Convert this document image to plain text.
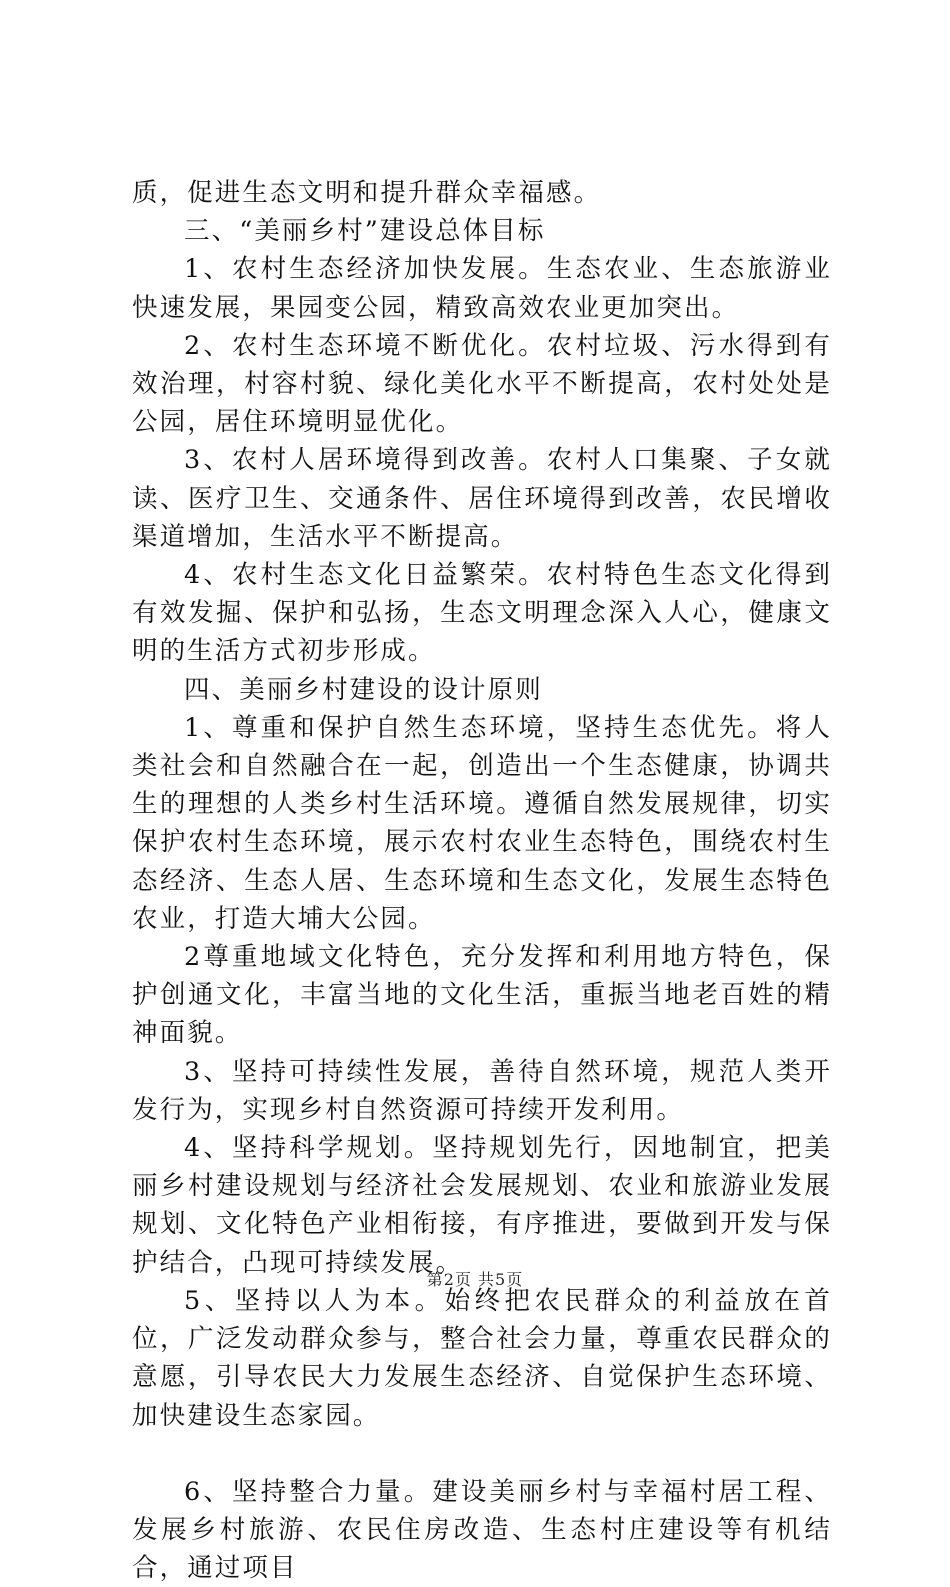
质，促进生态文明和提升群众幸福感。

三、“美丽乡村”建设总体目标

1、农村生态经济加快发展。生态农业、生态旅游业快速发展，果园变公园，精致高效农业更加突出。

2、农村生态环境不断优化。农村垃圾、污水得到有效治理，村容村貌、绿化美化水平不断提高，农村处处是公园，居住环境明显优化。

3、农村人居环境得到改善。农村人口集聚、子女就读、医疗卫生、交通条件、居住环境得到改善，农民增收渠道增加，生活水平不断提高。

4、农村生态文化日益繁荣。农村特色生态文化得到有效发掘、保护和弘扬，生态文明理念深入人心，健康文明的生活方式初步形成。

四、美丽乡村建设的设计原则

1、尊重和保护自然生态环境，坚持生态优先。将人类社会和自然融合在一起，创造出一个生态健康，协调共生的理想的人类乡村生活环境。遵循自然发展规律，切实保护农村生态环境，展示农村农业生态特色，围绕农村生态经济、生态人居、生态环境和生态文化，发展生态特色农业，打造大埔大公园。

2尊重地域文化特色，充分发挥和利用地方特色，保护创通文化，丰富当地的文化生活，重振当地老百姓的精神面貌。

3、坚持可持续性发展，善待自然环境，规范人类开发行为，实现乡村自然资源可持续开发利用。

4、坚持科学规划。坚持规划先行，因地制宜，把美丽乡村建设规划与经济社会发展规划、农业和旅游业发展规划、文化特色产业相衔接，有序推进，要做到开发与保护结合，凸现可持续发展。

5、坚持以人为本。始终把农民群众的利益放在首位，广泛发动群众参与，整合社会力量，尊重农民群众的意愿，引导农民大力发展生态经济、自觉保护生态环境、加快建设生态家园。

6、坚持整合力量。建设美丽乡村与幸福村居工程、发展乡村旅游、农民住房改造、生态村庄建设等有机结合，通过项目

第2页 共5页
